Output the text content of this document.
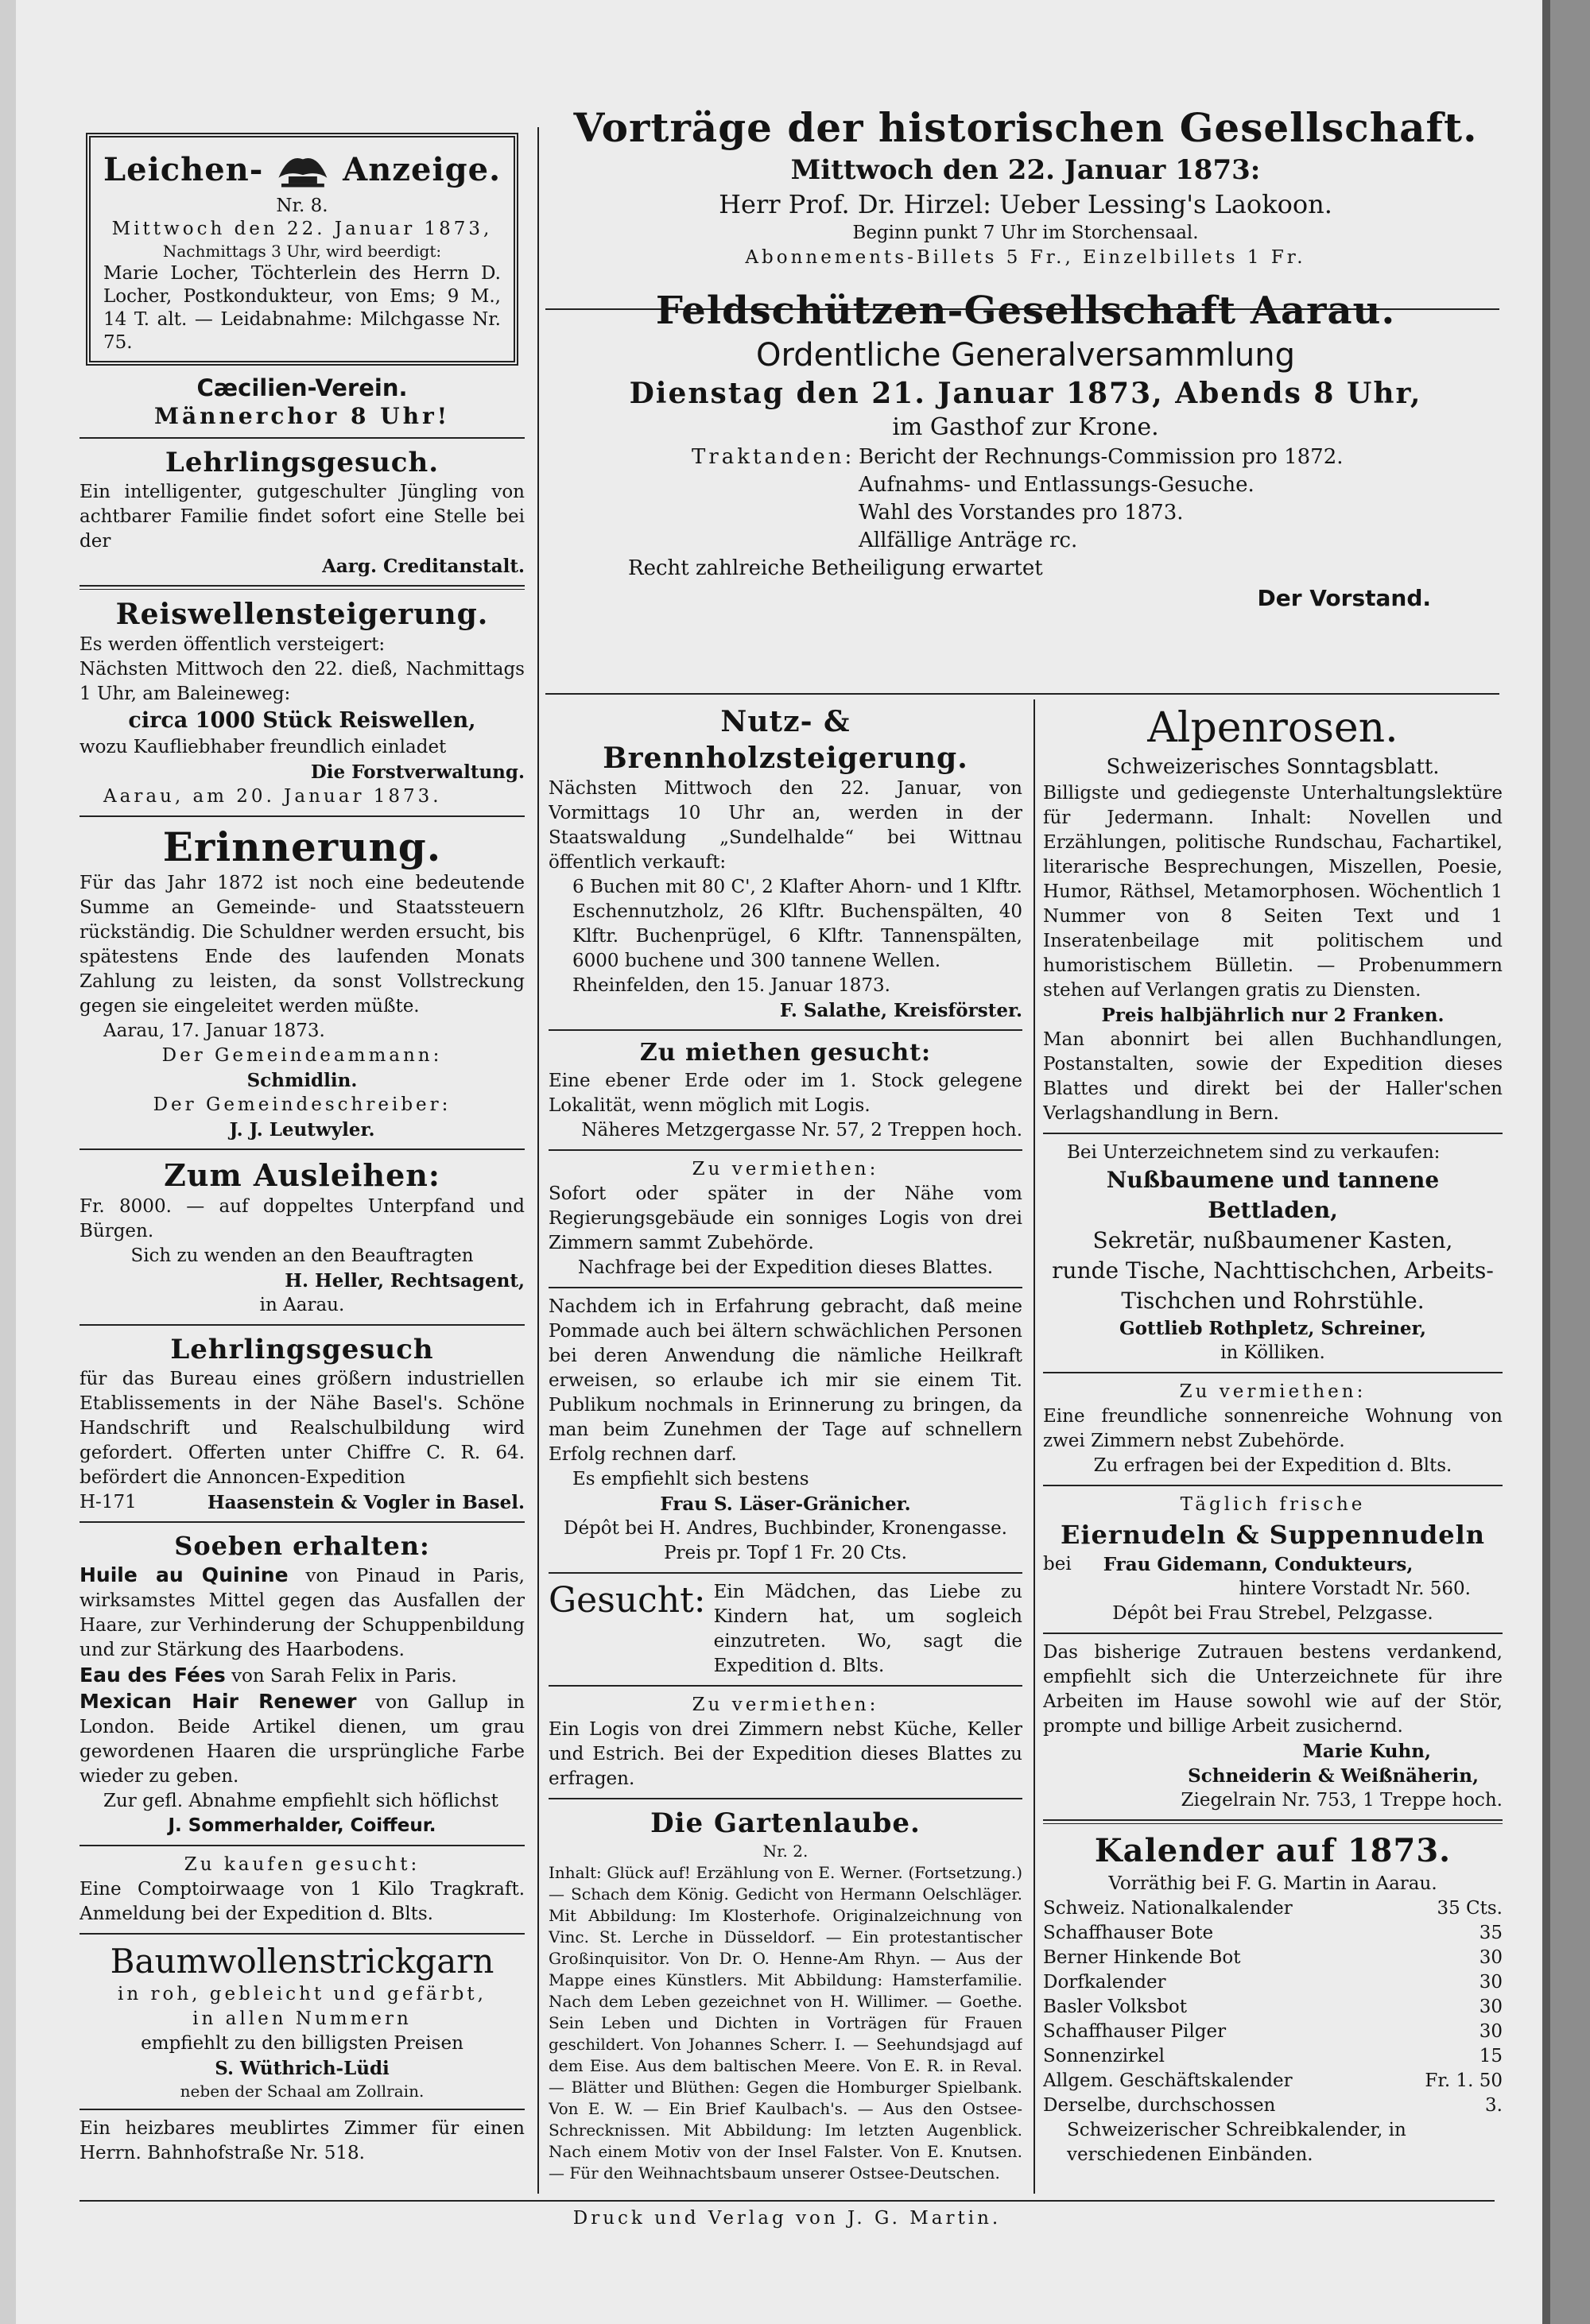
Leichen- Anzeige.

Nr. 8.

Mittwoch den 22. Januar 1873,

Nachmittags 3 Uhr, wird beerdigt:

Marie Locher, Töchterlein des Herrn D. Locher, Postkondukteur, von Ems; 9 M., 14 T. alt. — Leidabnahme: Milchgasse Nr. 75.

Cæcilien-Verein.

Männerchor 8 Uhr!

Lehrlingsgesuch.

Ein intelligenter, gutgeschulter Jüngling von achtbarer Familie findet sofort eine Stelle bei der

Aarg. Creditanstalt.

Reiswellensteigerung.

Es werden öffentlich versteigert:

Nächsten Mittwoch den 22. dieß, Nachmittags 1 Uhr, am Baleineweg:

circa 1000 Stück Reiswellen,

wozu Kaufliebhaber freundlich einladet

Die Forstverwaltung.

Aarau, am 20. Januar 1873.

Erinnerung.

Für das Jahr 1872 ist noch eine bedeutende Summe an Gemeinde- und Staatssteuern rückständig. Die Schuldner werden ersucht, bis spätestens Ende des laufenden Monats Zahlung zu leisten, da sonst Vollstreckung gegen sie eingeleitet werden müßte.

Aarau, 17. Januar 1873.

Der Gemeindeammann:

Schmidlin.

Der Gemeindeschreiber:

J. J. Leutwyler.

Zum Ausleihen:

Fr. 8000. — auf doppeltes Unterpfand und Bürgen.

Sich zu wenden an den Beauftragten

H. Heller, Rechtsagent,

in Aarau.

Lehrlingsgesuch

für das Bureau eines größern industriellen Etablissements in der Nähe Basel's. Schöne Handschrift und Realschulbildung wird gefordert. Offerten unter Chiffre C. R. 64. befördert die Annoncen-Expedition

H-171	Haasenstein & Vogler in Basel.

Soeben erhalten:

Huile au Quinine von Pinaud in Paris, wirksamstes Mittel gegen das Ausfallen der Haare, zur Verhinderung der Schuppenbildung und zur Stärkung des Haarbodens.

Eau des Fées von Sarah Felix in Paris.

Mexican Hair Renewer von Gallup in London. Beide Artikel dienen, um grau gewordenen Haaren die ursprüngliche Farbe wieder zu geben.

Zur gefl. Abnahme empfiehlt sich höflichst

J. Sommerhalder, Coiffeur.

Zu kaufen gesucht:

Eine Comptoirwaage von 1 Kilo Tragkraft. Anmeldung bei der Expedition d. Blts.

Baumwollenstrickgarn

in roh, gebleicht und gefärbt,

in allen Nummern

empfiehlt zu den billigsten Preisen

S. Wüthrich-Lüdi

neben der Schaal am Zollrain.

Ein heizbares meublirtes Zimmer für einen Herrn. Bahnhofstraße Nr. 518.

Vorträge der historischen Gesellschaft.

Mittwoch den 22. Januar 1873:

Herr Prof. Dr. Hirzel: Ueber Lessing's Laokoon.

Beginn punkt 7 Uhr im Storchensaal.

Abonnements-Billets 5 Fr., Einzelbillets 1 Fr.

Feldschützen-Gesellschaft Aarau.

Ordentliche Generalversammlung

Dienstag den 21. Januar 1873, Abends 8 Uhr,

im Gasthof zur Krone.

Traktanden: Bericht der Rechnungs-Commission pro 1872.

Aufnahms- und Entlassungs-Gesuche.

Wahl des Vorstandes pro 1873.

Allfällige Anträge rc.

Recht zahlreiche Betheiligung erwartet

Der Vorstand.

Nutz- & Brennholzsteigerung.

Nächsten Mittwoch den 22. Januar, von Vormittags 10 Uhr an, werden in der Staatswaldung „Sundelhalde“ bei Wittnau öffentlich verkauft:

6 Buchen mit 80 C', 2 Klafter Ahorn- und 1 Klftr. Eschennutzholz, 26 Klftr. Buchenspälten, 40 Klftr. Buchenprügel, 6 Klftr. Tannenspälten, 6000 buchene und 300 tannene Wellen.

Rheinfelden, den 15. Januar 1873.

F. Salathe, Kreisförster.

Zu miethen gesucht:

Eine ebener Erde oder im 1. Stock gelegene Lokalität, wenn möglich mit Logis.

Näheres Metzgergasse Nr. 57, 2 Treppen hoch.

Zu vermiethen:

Sofort oder später in der Nähe vom Regierungsgebäude ein sonniges Logis von drei Zimmern sammt Zubehörde.

Nachfrage bei der Expedition dieses Blattes.

Nachdem ich in Erfahrung gebracht, daß meine Pommade auch bei ältern schwächlichen Personen bei deren Anwendung die nämliche Heilkraft erweisen, so erlaube ich mir sie einem Tit. Publikum nochmals in Erinnerung zu bringen, da man beim Zunehmen der Tage auf schnellern Erfolg rechnen darf.

Es empfiehlt sich bestens

Frau S. Läser-Gränicher.

Dépôt bei H. Andres, Buchbinder, Kronengasse.

Preis pr. Topf 1 Fr. 20 Cts.

Gesucht: Ein Mädchen, das Liebe zu Kindern hat, um sogleich einzutreten. Wo, sagt die Expedition d. Blts.

Zu vermiethen:

Ein Logis von drei Zimmern nebst Küche, Keller und Estrich. Bei der Expedition dieses Blattes zu erfragen.

Die Gartenlaube.

Nr. 2.

Inhalt: Glück auf! Erzählung von E. Werner. (Fortsetzung.) — Schach dem König. Gedicht von Hermann Oelschläger. Mit Abbildung: Im Klosterhofe. Originalzeichnung von Vinc. St. Lerche in Düsseldorf. — Ein protestantischer Großinquisitor. Von Dr. O. Henne-Am Rhyn. — Aus der Mappe eines Künstlers. Mit Abbildung: Hamsterfamilie. Nach dem Leben gezeichnet von H. Willimer. — Goethe. Sein Leben und Dichten in Vorträgen für Frauen geschildert. Von Johannes Scherr. I. — Seehundsjagd auf dem Eise. Aus dem baltischen Meere. Von E. R. in Reval. — Blätter und Blüthen: Gegen die Homburger Spielbank. Von E. W. — Ein Brief Kaulbach's. — Aus den Ostsee-Schrecknissen. Mit Abbildung: Im letzten Augenblick. Nach einem Motiv von der Insel Falster. Von E. Knutsen. — Für den Weihnachtsbaum unserer Ostsee-Deutschen.

Alpenrosen.

Schweizerisches Sonntagsblatt.

Billigste und gediegenste Unterhaltungslektüre für Jedermann. Inhalt: Novellen und Erzählungen, politische Rundschau, Fachartikel, literarische Besprechungen, Miszellen, Poesie, Humor, Räthsel, Metamorphosen. Wöchentlich 1 Nummer von 8 Seiten Text und 1 Inseratenbeilage mit politischem und humoristischem Bülletin. — Probenummern stehen auf Verlangen gratis zu Diensten.

Preis halbjährlich nur 2 Franken.

Man abonnirt bei allen Buchhandlungen, Postanstalten, sowie der Expedition dieses Blattes und direkt bei der Haller'schen Verlagshandlung in Bern.

Bei Unterzeichnetem sind zu verkaufen:

Nußbaumene und tannene Bettladen,

Sekretär, nußbaumener Kasten,

runde Tische, Nachttischchen, Arbeits-

Tischchen und Rohrstühle.

Gottlieb Rothpletz, Schreiner,

in Kölliken.

Zu vermiethen:

Eine freundliche sonnenreiche Wohnung von zwei Zimmern nebst Zubehörde.

Zu erfragen bei der Expedition d. Blts.

Täglich frische

Eiernudeln & Suppennudeln

bei Frau Gidemann, Condukteurs,

hintere Vorstadt Nr. 560.

Dépôt bei Frau Strebel, Pelzgasse.

Das bisherige Zutrauen bestens verdankend, empfiehlt sich die Unterzeichnete für ihre Arbeiten im Hause sowohl wie auf der Stör, prompte und billige Arbeit zusichernd.

Marie Kuhn,

Schneiderin & Weißnäherin,

Ziegelrain Nr. 753, 1 Treppe hoch.

Kalender auf 1873.

Vorräthig bei F. G. Martin in Aarau.

Schweiz. Nationalkalender	35 Cts.
Schaffhauser Bote	35
Berner Hinkende Bot	30
Dorfkalender	30
Basler Volksbot	30
Schaffhauser Pilger	30
Sonnenzirkel	15
Allgem. Geschäftskalender	Fr. 1. 50
Derselbe, durchschossen	3.

Schweizerischer Schreibkalender, in verschiedenen Einbänden.

Druck und Verlag von J. G. Martin.
